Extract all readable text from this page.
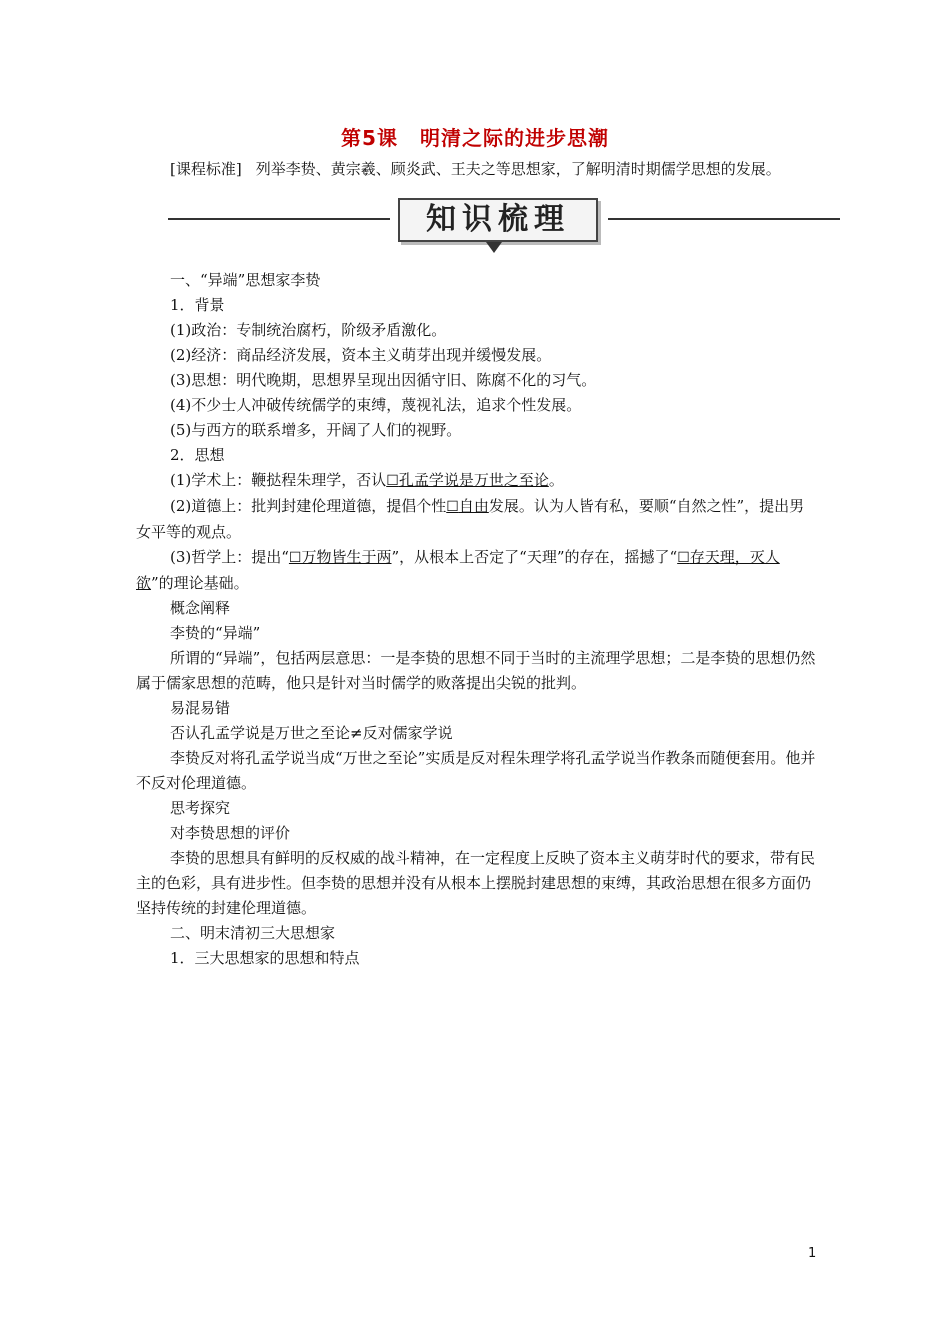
第5课 明清之际的进步思潮
[课程标准] 列举李贽、黄宗羲、顾炎武、王夫之等思想家，了解明清时期儒学思想的发展。
知识梳理

一、“异端”思想家李贽

1．背景

(1)政治：专制统治腐朽，阶级矛盾激化。

(2)经济：商品经济发展，资本主义萌芽出现并缓慢发展。

(3)思想：明代晚期，思想界呈现出因循守旧、陈腐不化的习气。

(4)不少士人冲破传统儒学的束缚，蔑视礼法，追求个性发展。

(5)与西方的联系增多，开阔了人们的视野。

2．思想

(1)学术上：鞭挞程朱理学，否认☐孔孟学说是万世之至论。

(2)道德上：批判封建伦理道德，提倡个性☐自由发展。认为人皆有私，要顺“自然之性”，提出男女平等的观点。

(3)哲学上：提出“☐万物皆生于两”，从根本上否定了“天理”的存在，摇撼了“☐存天理，灭人欲”的理论基础。

概念阐释

李贽的“异端”

所谓的“异端”，包括两层意思：一是李贽的思想不同于当时的主流理学思想；二是李贽的思想仍然属于儒家思想的范畴，他只是针对当时儒学的败落提出尖锐的批判。

易混易错

否认孔孟学说是万世之至论≠反对儒家学说

李贽反对将孔孟学说当成“万世之至论”实质是反对程朱理学将孔孟学说当作教条而随便套用。他并不反对伦理道德。

思考探究

对李贽思想的评价

李贽的思想具有鲜明的反权威的战斗精神，在一定程度上反映了资本主义萌芽时代的要求，带有民主的色彩，具有进步性。但李贽的思想并没有从根本上摆脱封建思想的束缚，其政治思想在很多方面仍坚持传统的封建伦理道德。

二、明末清初三大思想家

1．三大思想家的思想和特点

1
